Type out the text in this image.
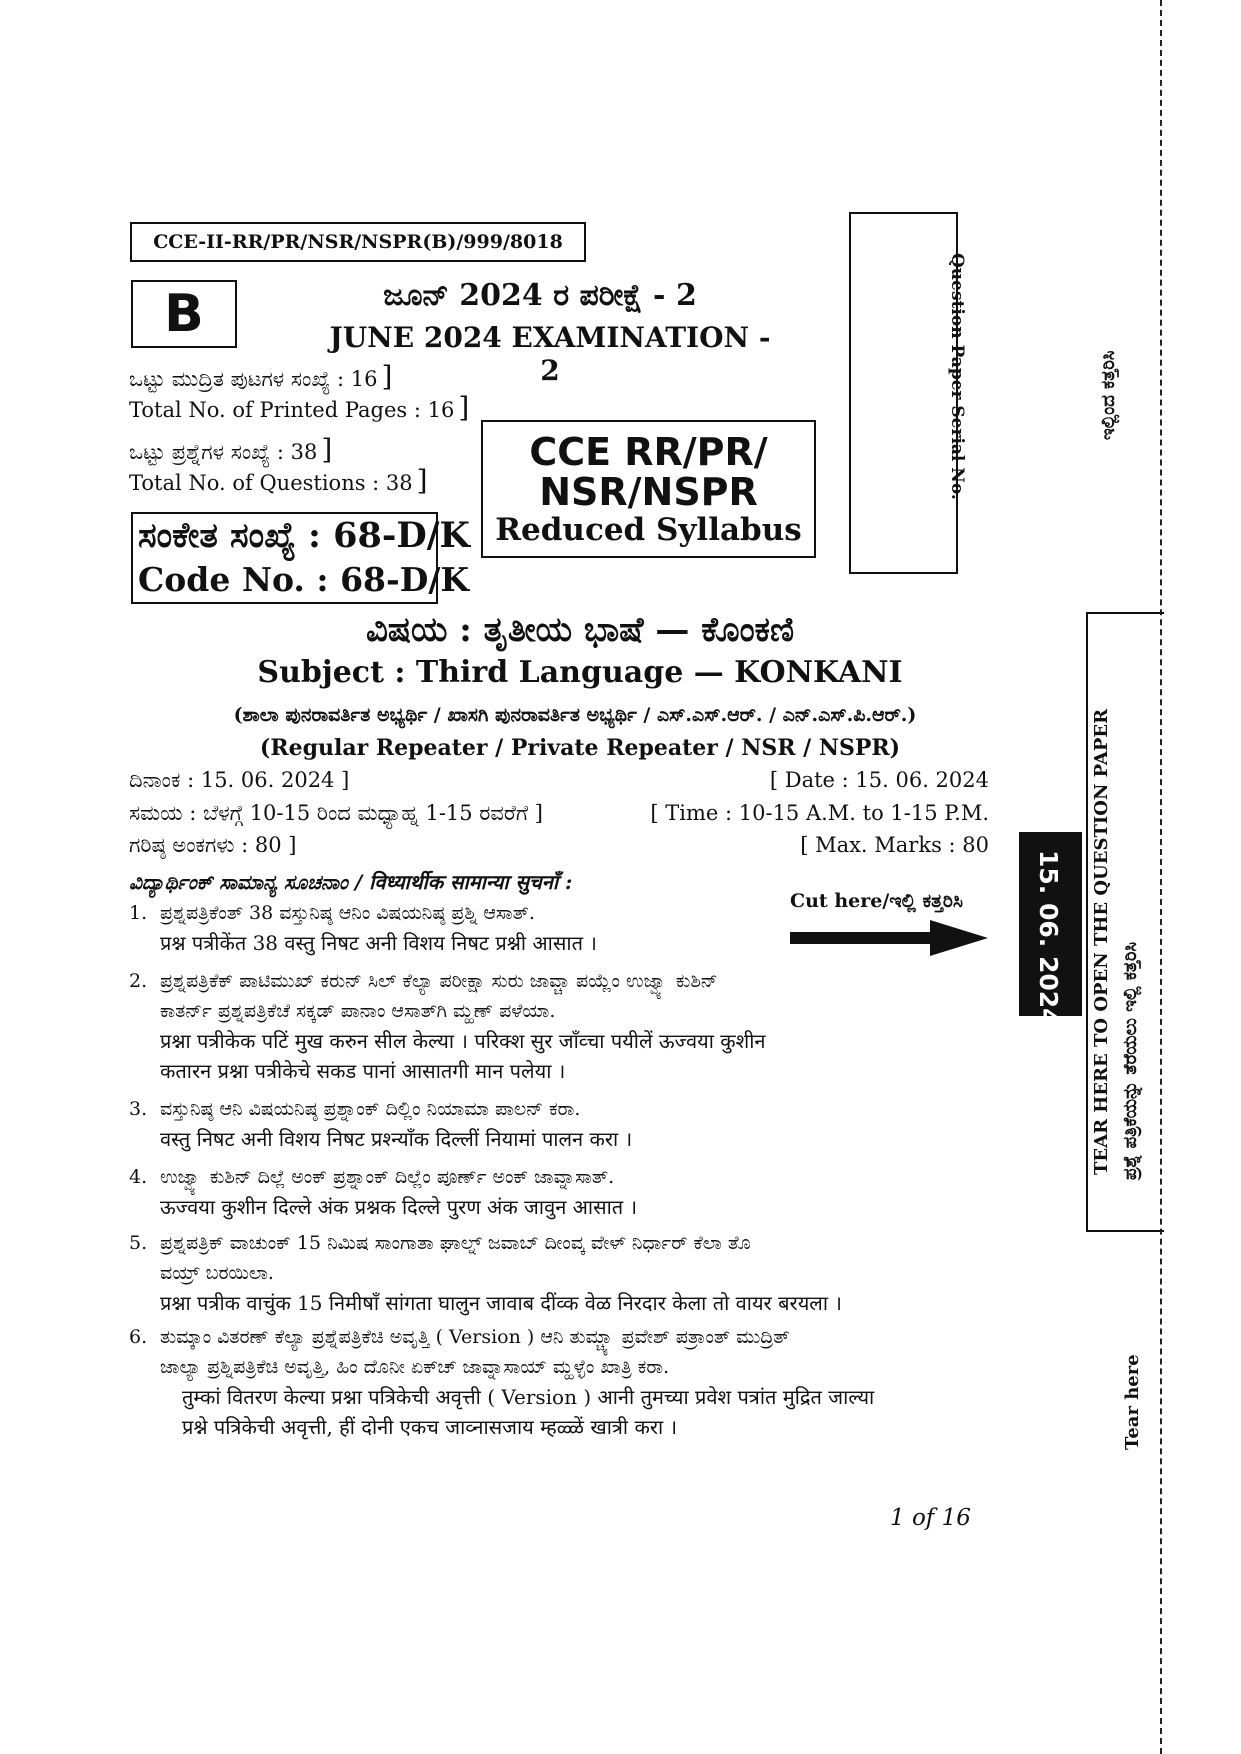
CCE-II-RR/PR/NSR/NSPR(B)/999/8018
B	ಜೂನ್ 2024 ರ ಪರೀಕ್ಷೆ - 2
JUNE 2024 EXAMINATION - 2	Question Paper Serial No.
ಒಟ್ಟು ಮುದ್ರಿತ ಪುಟಗಳ ಸಂಖ್ಯೆ : 16 ]
Total No. of Printed Pages : 16 ]
ಒಟ್ಟು ಪ್ರಶ್ನೆಗಳ ಸಂಖ್ಯೆ : 38 ]
Total No. of Questions : 38 ]
CCE RR/PR/
NSR/NSPR
Reduced Syllabus
ಸಂಕೇತ ಸಂಖ್ಯೆ : 68-D/K
Code No. : 68-D/K
ವಿಷಯ : ತೃತೀಯ ಭಾಷೆ — ಕೊಂಕಣಿ
Subject : Third Language — KONKANI
(ಶಾಲಾ ಪುನರಾವರ್ತಿತ ಅಭ್ಯರ್ಥಿ / ಖಾಸಗಿ ಪುನರಾವರ್ತಿತ ಅಭ್ಯರ್ಥಿ / ಎಸ್.ಎಸ್.ಆರ್. / ಎನ್.ಎಸ್.ಪಿ.ಆರ್.)
(Regular Repeater / Private Repeater / NSR / NSPR)
ದಿನಾಂಕ : 15. 06. 2024 ]	[ Date : 15. 06. 2024
ಸಮಯ : ಬೆಳಗ್ಗೆ 10-15 ರಿಂದ ಮಧ್ಯಾಹ್ನ 1-15 ರವರೆಗೆ ]	[ Time : 10-15 A.M. to 1-15 P.M.
ಗರಿಷ್ಠ ಅಂಕಗಳು : 80 ]	[ Max. Marks : 80
ವಿದ್ಯಾರ್ಥಿಂಕ್ ಸಾಮಾನ್ಯ ಸೂಚನಾಂ / विध्यार्थीक सामान्या सुचनाँ :
Cut here/ಇಲ್ಲಿ ಕತ್ತರಿಸಿ
1. ಪ್ರಶ್ನಪತ್ರಿಕೆಂತ್ 38 ವಸ್ತುನಿಷ್ಠ ಆನಿಂ ವಿಷಯನಿಷ್ಠ ಪ್ರಶ್ನಿ ಆಸಾತ್.
प्रश्न पत्रीकेंत 38 वस्तु निषट अनी विशय निषट प्रश्नी आसात ।
2. ಪ್ರಶ್ನಪತ್ರಿಕೆಕ್ ಪಾಟಿಮುಖ್ ಕರುನ್ ಸಿಲ್ ಕೆಲ್ಯಾ ಪರೀಕ್ಷಾ ಸುರು ಜಾವ್ಚಾ ಪಯ್ಲೆಂ ಉಜ್ವ್ಯಾ ಕುಶಿನ್
ಕಾತರ್ನ್ ಪ್ರಶ್ನಪತ್ರಿಕೆಚೆ ಸಕ್ಕಡ್ ಪಾನಾಂ ಆಸಾತ್‍ಗಿ ಮ್ಹಣ್ ಪಳೆಯಾ.
प्रश्ना पत्रीकेक पटिं मुख करुन सील केल्या । परिक्श सुर जाँव्चा पयीलें ऊज्वया कुशीन
कतारन प्रश्ना पत्रीकेचे सकड पानां आसातगी मान पलेया ।
3. ವಸ್ತುನಿಷ್ಠ ಆನಿ ವಿಷಯನಿಷ್ಠ ಪ್ರಶ್ನಾಂಕ್ ದಿಲ್ಲಿಂ ನಿಯಾಮಾ ಪಾಲನ್ ಕರಾ.
वस्तु निषट अनी विशय निषट प्रश्न्याँक दिल्लीं नियामां पालन करा ।
4. ಉಜ್ವ್ಯಾ ಕುಶಿನ್ ದಿಲ್ಲೆ ಅಂಕ್ ಪ್ರಶ್ನಾಂಕ್ ದಿಲ್ಲೆಂ ಪೂರ್ಣ್ ಅಂಕ್ ಜಾವ್ನಾಸಾತ್.
ऊज्वया कुशीन दिल्ले अंक प्रश्नक दिल्ले पुरण अंक जावुन आसात ।
5. ಪ್ರಶ್ನಪತ್ರಿಕ್ ವಾಚುಂಕ್ 15 ನಿಮಿಷ ಸಾಂಗಾತಾ ಘಾಲ್ನ್ ಜವಾಬ್ ದೀಂವ್ಕ ವೇಳ್ ನಿರ್ಧಾರ್ ಕೆಲಾ ತೊ
ವಯ್ರ್ ಬರಯಿಲಾ.
प्रश्ना पत्रीक वाचुंक 15 निमीषाँ सांगता घालुन जावाब दींव्क वेळ निरदार केला तो वायर बरयला ।
6. ತುಮ್ಕಾಂ ವಿತರಣ್ ಕೆಲ್ಯಾ ಪ್ರಶ್ನೆಪತ್ರಿಕೆಚಿ ಅವೃತ್ತಿ ( Version ) ಆನಿ ತುಮ್ಚ್ಯಾ ಪ್ರವೇಶ್ ಪತ್ರಾಂತ್ ಮುದ್ರಿತ್
ಜಾಲ್ಯಾ ಪ್ರಶ್ನಿಪತ್ರಿಕೆಚಿ ಅವೃತ್ತಿ, ಹಿಂ ದೊನೀ ಏಕ್‍ಚ್ ಜಾವ್ನಾಸಾಯ್ ಮ್ಹಳ್ಳೆಂ ಖಾತ್ರಿ ಕರಾ.
तुम्कां वितरण केल्या प्रश्ना पत्रिकेची अवृत्ती ( Version ) आनी तुमच्या प्रवेश पत्रांत मुद्रित जाल्या
प्रश्ने पत्रिकेची अवृत्ती, हीं दोनी एकच जाव्नासजाय म्हळ्ळें खात्री करा ।
1 of 16
ಇಲ್ಲಿಂದ ಕತ್ತರಿಸಿ
TEAR HERE TO OPEN THE QUESTION PAPER ಪ್ರಶ್ನೆ ಪತ್ರಿಕೆಯನ್ನು ತೆರೆಯಲು ಇಲ್ಲಿ ಕತ್ತರಿಸಿ
15. 06. 2024
Tear here
